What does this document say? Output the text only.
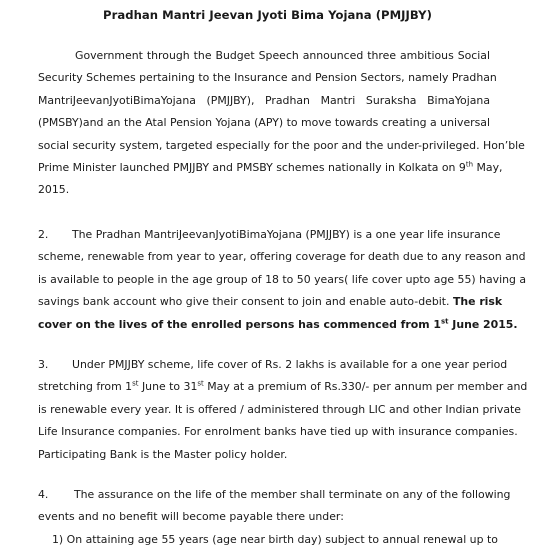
Pradhan Mantri Jeevan Jyoti Bima Yojana (PMJJBY)
Government through the Budget Speech announced three ambitious Social
Security Schemes pertaining to the Insurance and Pension Sectors, namely Pradhan
MantriJeevanJyotiBimaYojana (PMJJBY), Pradhan Mantri Suraksha BimaYojana
(PMSBY)and an the Atal Pension Yojana (APY) to move towards creating a universal
social security system, targeted especially for the poor and the under-privileged. Hon’ble
Prime Minister launched PMJJBY and PMSBY schemes nationally in Kolkata on 9th May,
2015.
2. The Pradhan MantriJeevanJyotiBimaYojana (PMJJBY) is a one year life insurance
scheme, renewable from year to year, offering coverage for death due to any reason and
is available to people in the age group of 18 to 50 years( life cover upto age 55) having a
savings bank account who give their consent to join and enable auto-debit. The risk
cover on the lives of the enrolled persons has commenced from 1st June 2015.
3. Under PMJJBY scheme, life cover of Rs. 2 lakhs is available for a one year period
stretching from 1st June to 31st May at a premium of Rs.330/- per annum per member and
is renewable every year. It is offered / administered through LIC and other Indian private
Life Insurance companies. For enrolment banks have tied up with insurance companies.
Participating Bank is the Master policy holder.
4. The assurance on the life of the member shall terminate on any of the following
events and no benefit will become payable there under:
1) On attaining age 55 years (age near birth day) subject to annual renewal up to
